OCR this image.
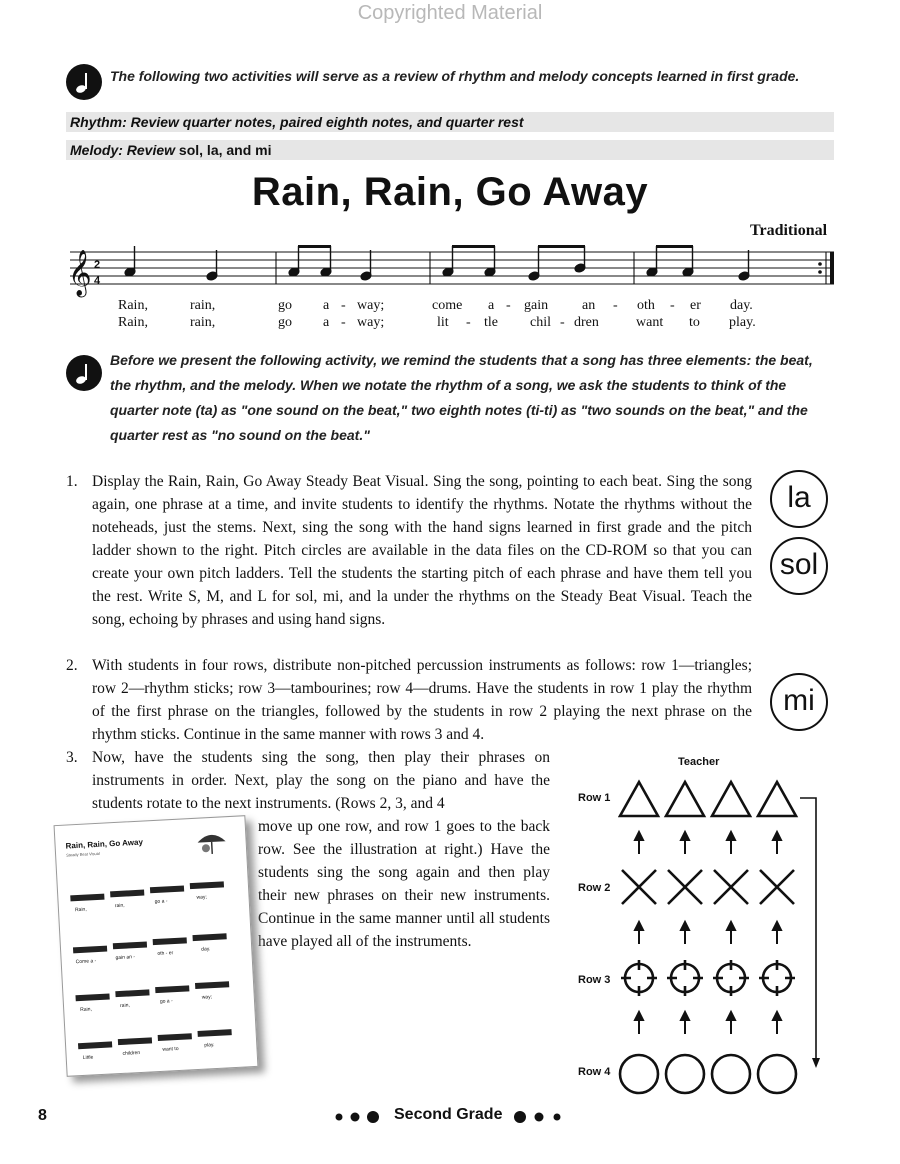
Copyrighted Material
The following two activities will serve as a review of rhythm and melody concepts learned in first grade.
Rhythm: Review quarter notes, paired eighth notes, and quarter rest
Melody: Review sol, la, and mi
Rain, Rain, Go Away
Traditional
𝄞 2
4
Rain,	rain,	go a - way;	come a - gain an - oth - er day.
Rain,	rain,	go a - way;	lit - tle chil - dren	want to play.
Before we present the following activity, we remind the students that a song has three elements: the beat, the rhythm, and the melody. When we notate the rhythm of a song, we ask the students to think of the quarter note (ta) as "one sound on the beat," two eighth notes (ti-ti) as "two sounds on the beat," and the quarter rest as "no sound on the beat."
1. Display the Rain, Rain, Go Away Steady Beat Visual. Sing the song, pointing to each beat. Sing the song again, one phrase at a time, and invite students to identify the rhythms. Notate the rhythms without the noteheads, just the stems. Next, sing the song with the hand signs learned in first grade and the pitch ladder shown to the right. Pitch circles are available in the data files on the CD-ROM so that you can create your own pitch ladders. Tell the students the starting pitch of each phrase and have them tell you the rest. Write S, M, and L for sol, mi, and la under the rhythms on the Steady Beat Visual. Teach the song, echoing by phrases and using hand signs.
2. With students in four rows, distribute non-pitched percussion instruments as follows: row 1—triangles; row 2—rhythm sticks; row 3—tambourines; row 4—drums. Have the students in row 1 play the rhythm of the first phrase on the triangles, followed by the students in row 2 playing the next phrase on the rhythm sticks. Continue in the same manner with rows 3 and 4.
3. Now, have the students sing the song, then play their phrases on instruments in order. Next, play the song on the piano and have the students rotate to the next instruments. (Rows 2, 3, and 4
move up one row, and row 1 goes to the back row. See the illustration at right.) Have the students sing the song again and then play their new phrases on their new instruments. Continue in the same manner until all students have played all of the instruments.
la
sol
mi
Rain, Rain, Go Away
Steady Beat Visual
Rain,
rain,
go a -
way;
Come a -
gain an -
oth - er
day.
Rain,
rain,
go a -
way;
Little
children
want to
play.
Teacher
Row 1
Row 2
Row 3
Row 4
8	Second Grade
